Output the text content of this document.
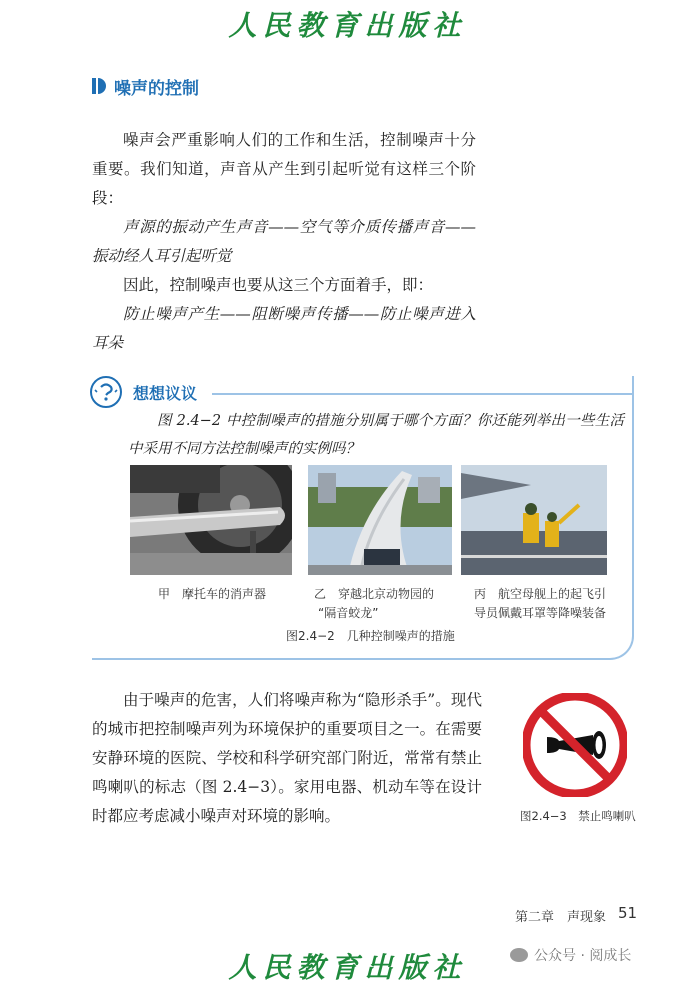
人民教育出版社
噪声的控制

噪声会严重影响人们的工作和生活，控制噪声十分重要。我们知道，声音从产生到引起听觉有这样三个阶段：

声源的振动产生声音——空气等介质传播声音——振动经人耳引起听觉

因此，控制噪声也要从这三个方面着手，即：

防止噪声产生——阻断噪声传播——防止噪声进入耳朵

想想议议

图 2.4−2 中控制噪声的措施分别属于哪个方面？你还能列举出一些生活中采用不同方法控制噪声的实例吗？

甲　摩托车的消声器	乙　穿越北京动物园的
“隔音蛟龙”
丙　航空母舰上的起飞引
导员佩戴耳罩等降噪装备
图2.4−2　几种控制噪声的措施

由于噪声的危害，人们将噪声称为“隐形杀手”。现代的城市把控制噪声列为环境保护的重要项目之一。在需要安静环境的医院、学校和科学研究部门附近，常常有禁止鸣喇叭的标志（图 2.4−3）。家用电器、机动车等在设计时都应考虑减小噪声对环境的影响。	图2.4−3　禁止鸣喇叭
第二章　声现象 51
人民教育出版社	公众号 · 阅成长
